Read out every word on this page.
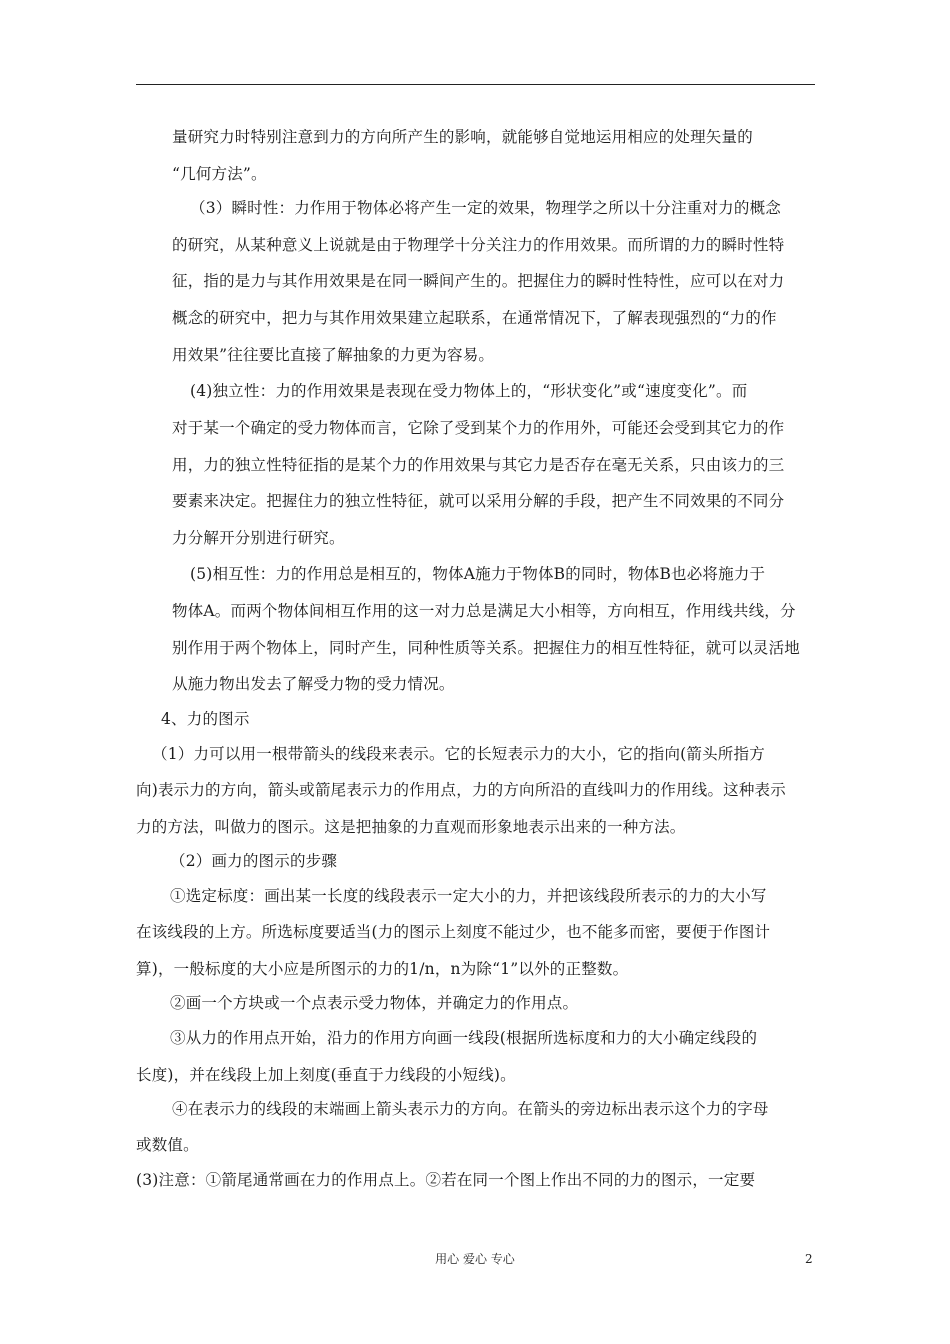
量研究力时特别注意到力的方向所产生的影响，就能够自觉地运用相应的处理矢量的
“几何方法”。
（3）瞬时性：力作用于物体必将产生一定的效果，物理学之所以十分注重对力的概念
的研究，从某种意义上说就是由于物理学十分关注力的作用效果。而所谓的力的瞬时性特
征，指的是力与其作用效果是在同一瞬间产生的。把握住力的瞬时性特性，应可以在对力
概念的研究中，把力与其作用效果建立起联系，在通常情况下，了解表现强烈的“力的作
用效果”往往要比直接了解抽象的力更为容易。
(4)独立性：力的作用效果是表现在受力物体上的，“形状变化”或“速度变化”。而
对于某一个确定的受力物体而言，它除了受到某个力的作用外，可能还会受到其它力的作
用，力的独立性特征指的是某个力的作用效果与其它力是否存在毫无关系，只由该力的三
要素来决定。把握住力的独立性特征，就可以采用分解的手段，把产生不同效果的不同分
力分解开分别进行研究。
(5)相互性：力的作用总是相互的，物体A施力于物体B的同时，物体B也必将施力于
物体A。而两个物体间相互作用的这一对力总是满足大小相等，方向相互，作用线共线，分
别作用于两个物体上，同时产生，同种性质等关系。把握住力的相互性特征，就可以灵活地
从施力物出发去了解受力物的受力情况。
4、力的图示
（1）力可以用一根带箭头的线段来表示。它的长短表示力的大小，它的指向(箭头所指方
向)表示力的方向，箭头或箭尾表示力的作用点，力的方向所沿的直线叫力的作用线。这种表示
力的方法，叫做力的图示。这是把抽象的力直观而形象地表示出来的一种方法。
（2）画力的图示的步骤
①选定标度：画出某一长度的线段表示一定大小的力，并把该线段所表示的力的大小写
在该线段的上方。所选标度要适当(力的图示上刻度不能过少，也不能多而密，要便于作图计
算)，一般标度的大小应是所图示的力的1/n，n为除“1”以外的正整数。
②画一个方块或一个点表示受力物体，并确定力的作用点。
③从力的作用点开始，沿力的作用方向画一线段(根据所选标度和力的大小确定线段的
长度)，并在线段上加上刻度(垂直于力线段的小短线)。
④在表示力的线段的末端画上箭头表示力的方向。在箭头的旁边标出表示这个力的字母
或数值。
(3)注意：①箭尾通常画在力的作用点上。②若在同一个图上作出不同的力的图示，一定要
用心 爱心 专心	2
